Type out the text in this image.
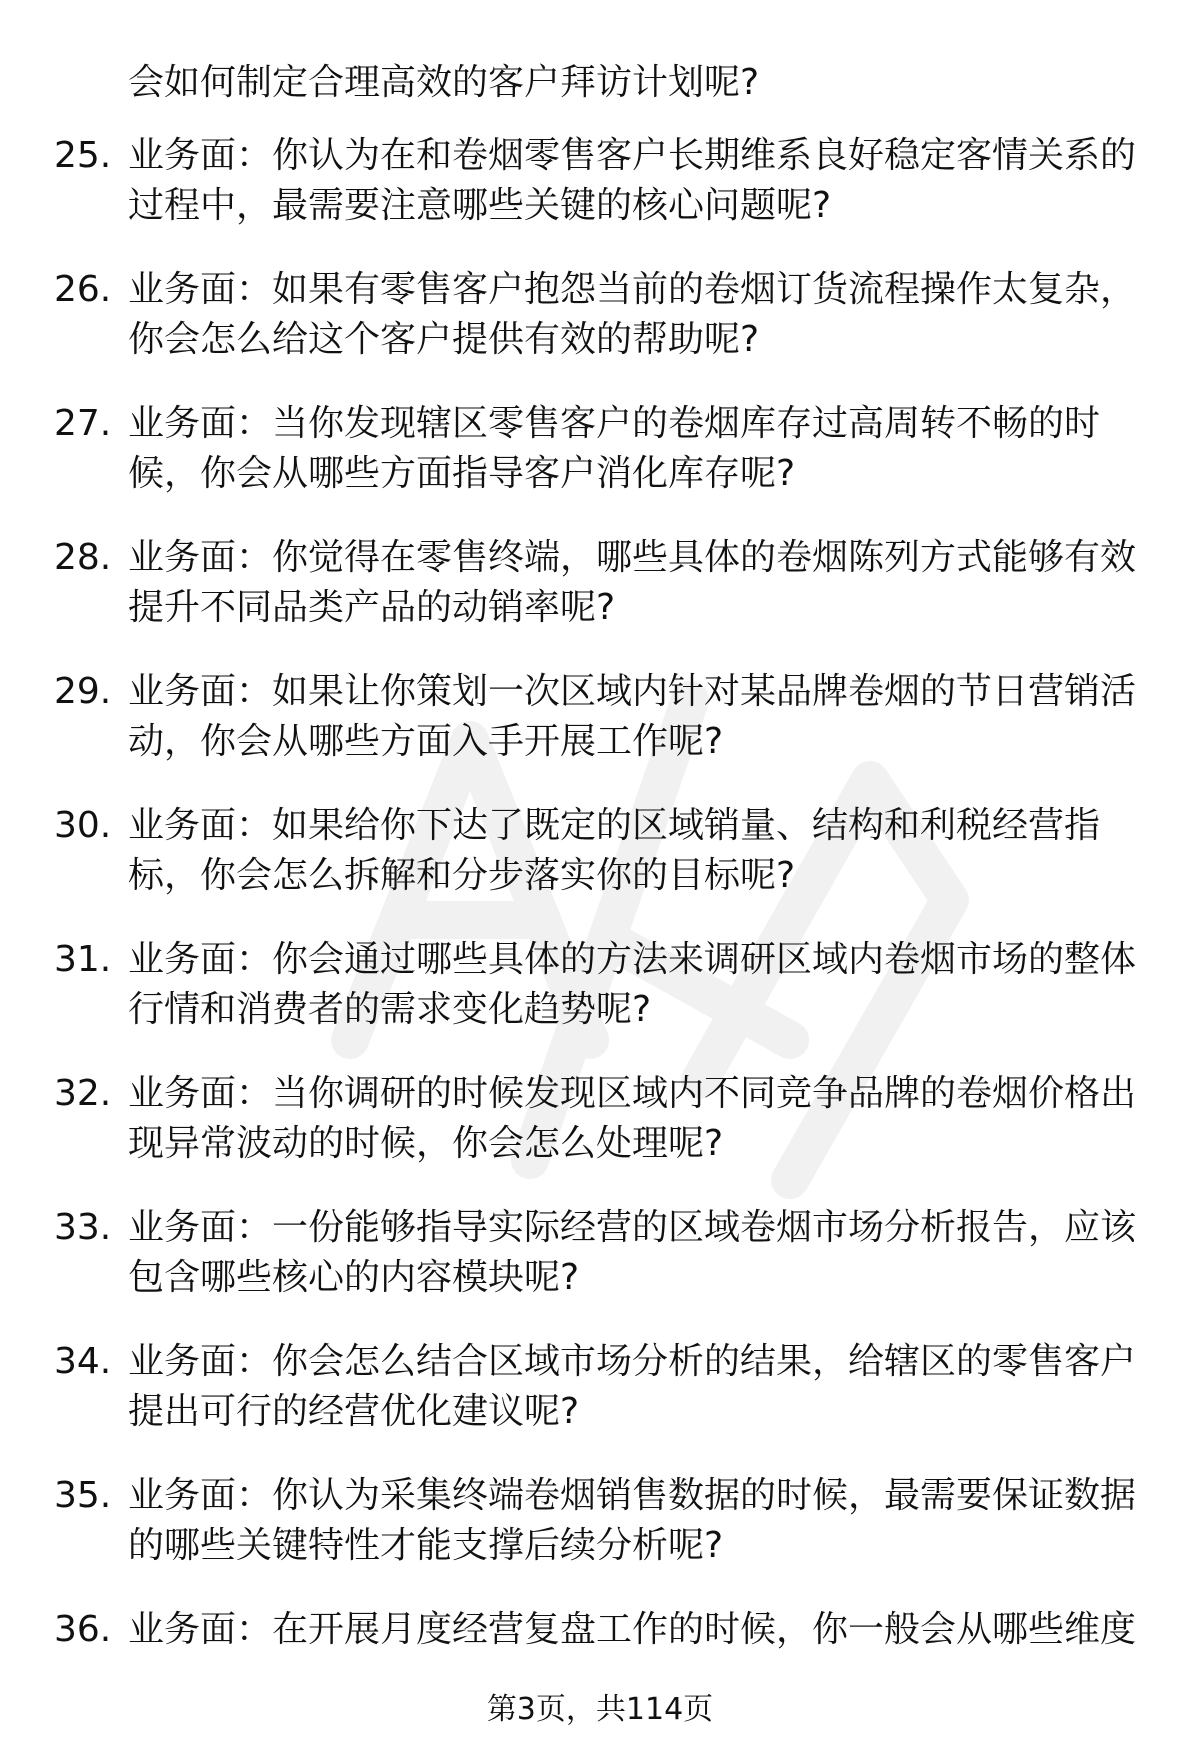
会如何制定合理高效的客户拜访计划呢?

25. 业务面：你认为在和卷烟零售客户长期维系良好稳定客情关系的过程中，最需要注意哪些关键的核心问题呢?
26. 业务面：如果有零售客户抱怨当前的卷烟订货流程操作太复杂，你会怎么给这个客户提供有效的帮助呢?
27. 业务面：当你发现辖区零售客户的卷烟库存过高周转不畅的时候，你会从哪些方面指导客户消化库存呢?
28. 业务面：你觉得在零售终端，哪些具体的卷烟陈列方式能够有效提升不同品类产品的动销率呢?
29. 业务面：如果让你策划一次区域内针对某品牌卷烟的节日营销活动，你会从哪些方面入手开展工作呢?
30. 业务面：如果给你下达了既定的区域销量、结构和利税经营指标，你会怎么拆解和分步落实你的目标呢?
31. 业务面：你会通过哪些具体的方法来调研区域内卷烟市场的整体行情和消费者的需求变化趋势呢?
32. 业务面：当你调研的时候发现区域内不同竞争品牌的卷烟价格出现异常波动的时候，你会怎么处理呢?
33. 业务面：一份能够指导实际经营的区域卷烟市场分析报告，应该包含哪些核心的内容模块呢?
34. 业务面：你会怎么结合区域市场分析的结果，给辖区的零售客户提出可行的经营优化建议呢?
35. 业务面：你认为采集终端卷烟销售数据的时候，最需要保证数据的哪些关键特性才能支撑后续分析呢?
36. 业务面：在开展月度经营复盘工作的时候，你一般会从哪些维度
第3页，共114页
